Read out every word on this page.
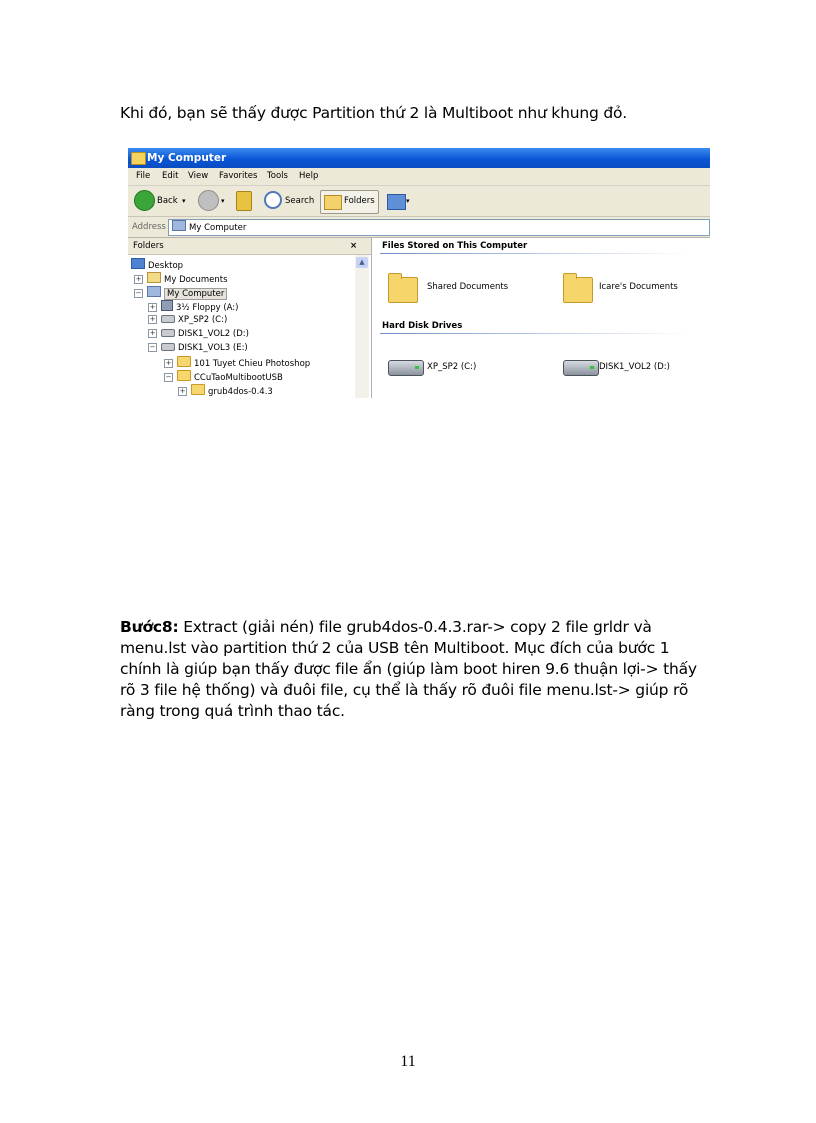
Khi đó, bạn sẽ thấy được Partition thứ 2 là Multiboot như khung đỏ.
My Computer
File Edit View Favorites Tools Help
Back ▾	▾	Search	Folders	▾
Address	My Computer
Folders	×
▲
Desktop
+	My Documents
−	My Computer
+ 3½ Floppy (A:)
+	XP_SP2 (C:)
+	DISK1_VOL2 (D:)
−	DISK1_VOL3 (E:)
+	101 Tuyet Chieu Photoshop
−	CCuTaoMultibootUSB
+	grub4dos-0.4.3
Files Stored on This Computer
Shared Documents	Icare's Documents
Hard Disk Drives
XP_SP2 (C:)	DISK1_VOL2 (D:)
Bước8: Extract (giải nén) file grub4dos-0.4.3.rar-> copy 2 file grldr và menu.lst vào partition thứ 2 của USB tên Multiboot. Mục đích của bước 1 chính là giúp bạn thấy được file ẩn (giúp làm boot hiren 9.6 thuận lợi-> thấy rõ 3 file hệ thống) và đuôi file, cụ thể là thấy rõ đuôi file menu.lst-> giúp rõ ràng trong quá trình thao tác.
11
